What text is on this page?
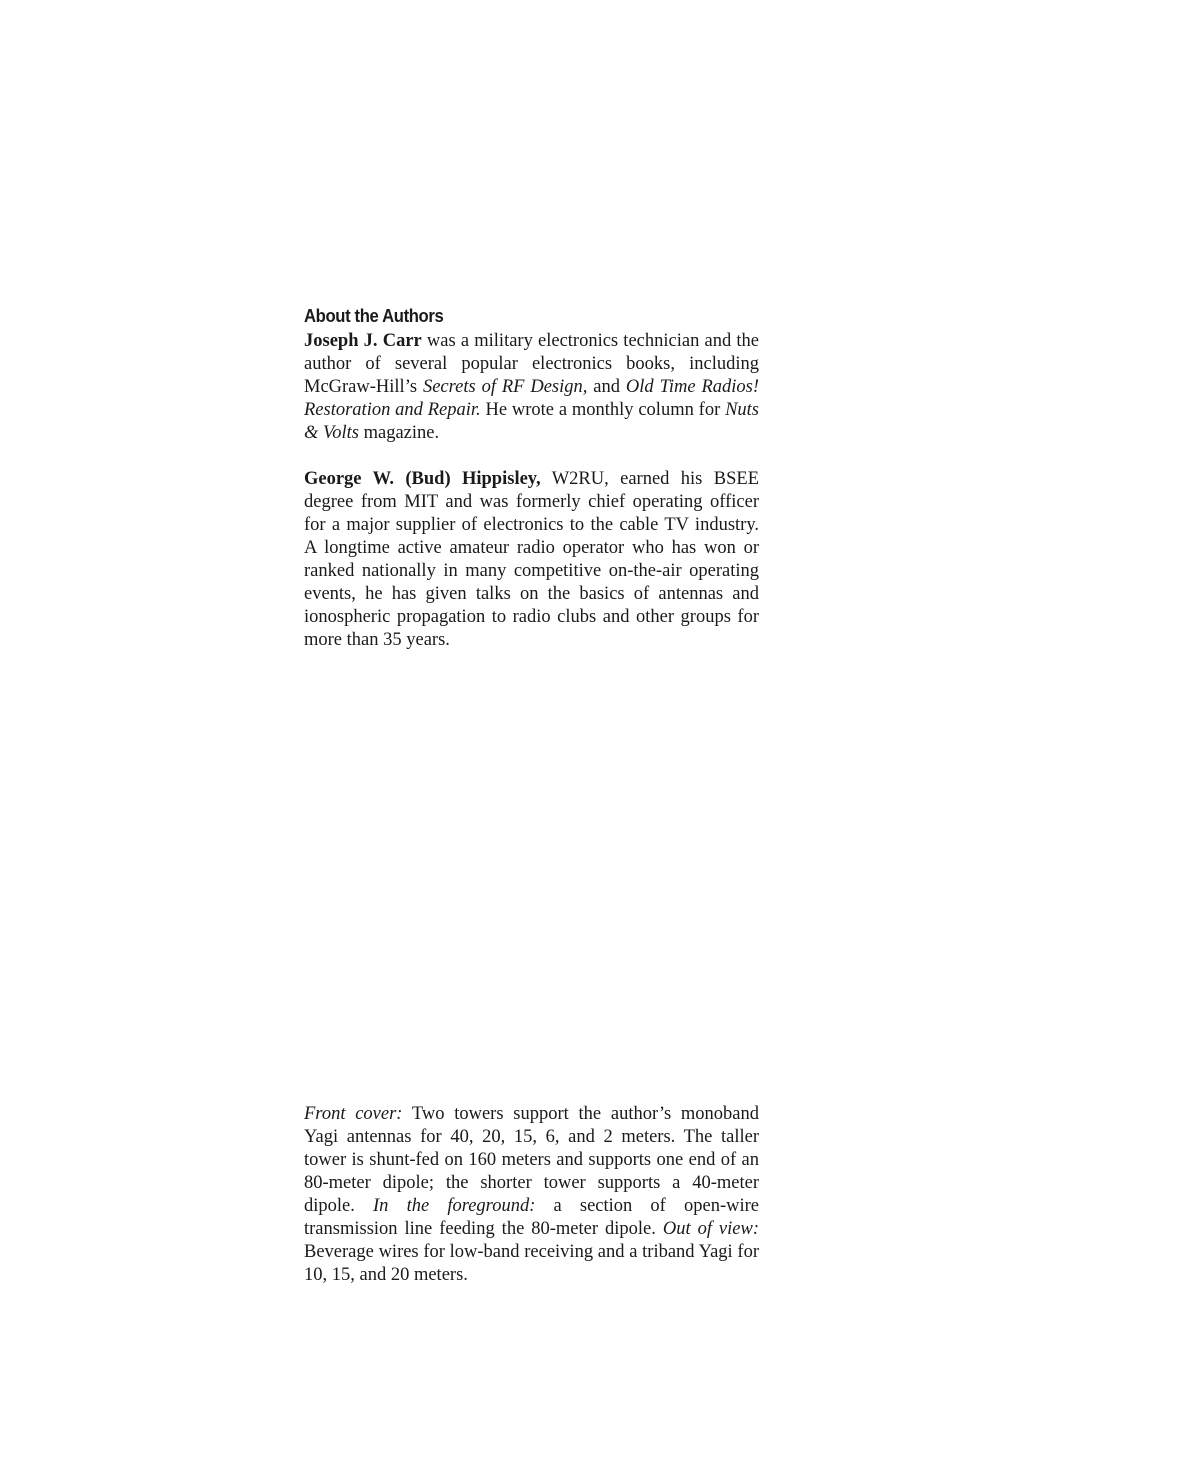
About the Authors

Joseph J. Carr was a military electronics technician and the author of several popular electronics books, including McGraw-Hill’s Secrets of RF Design, and Old Time Radios! Restoration and Repair. He wrote a monthly column for Nuts & Volts magazine.

George W. (Bud) Hippisley, W2RU, earned his BSEE degree from MIT and was formerly chief operating officer for a major supplier of electronics to the cable TV industry. A longtime active amateur radio operator who has won or ranked nationally in many competitive on-the-air operating events, he has given talks on the basics of antennas and ionospheric propagation to radio clubs and other groups for more than 35 years.

Front cover: Two towers support the author’s monoband Yagi antennas for 40, 20, 15, 6, and 2 meters. The taller tower is shunt-fed on 160 meters and supports one end of an 80-meter dipole; the shorter tower supports a 40-meter dipole. In the foreground: a section of open-wire transmission line feeding the 80-meter dipole. Out of view: Beverage wires for low-band receiving and a triband Yagi for 10, 15, and 20 meters.
